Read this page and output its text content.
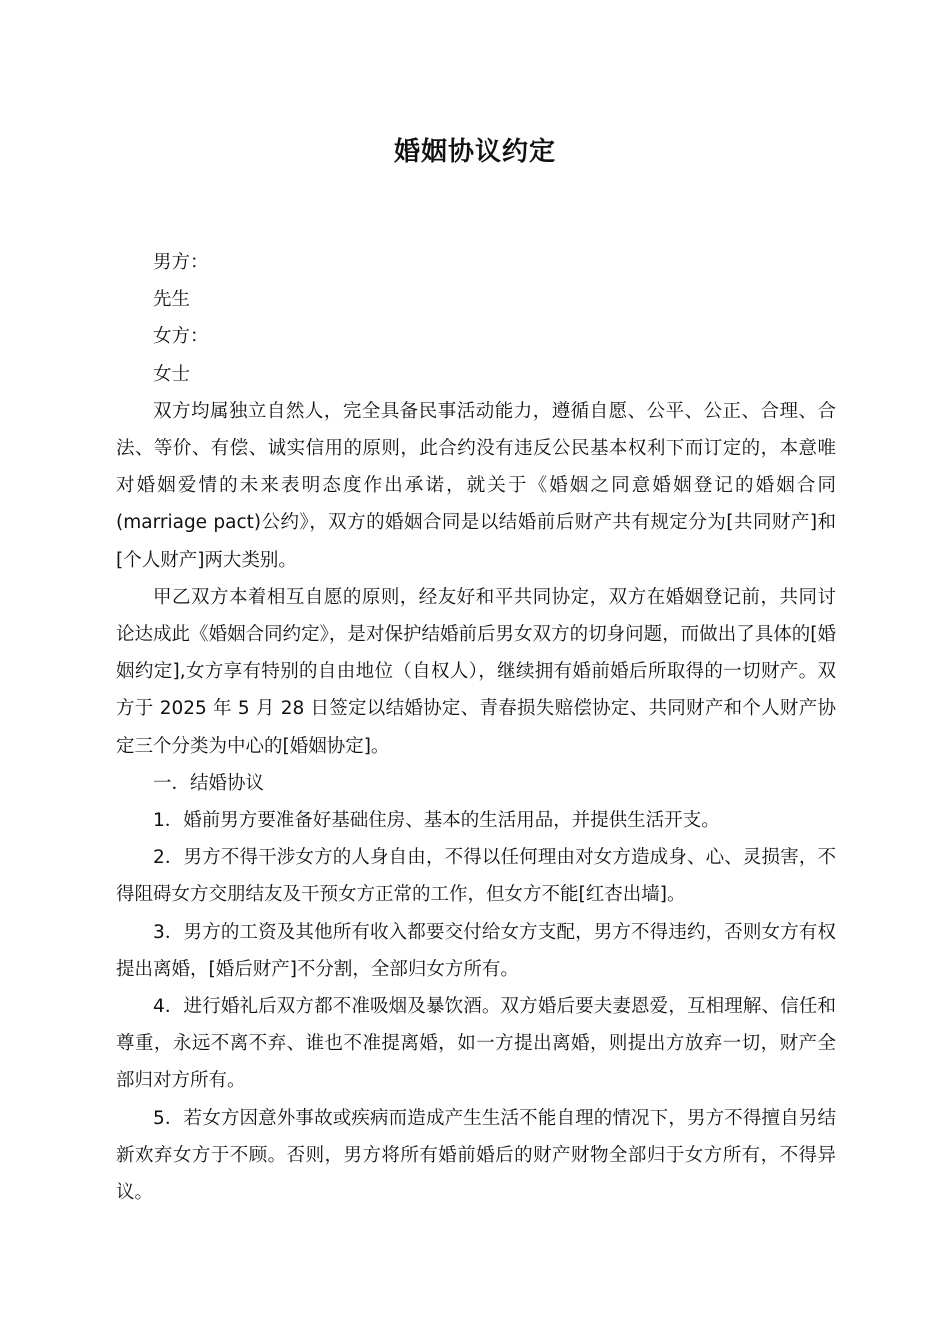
婚姻协议约定

男方：

先生

女方：

女士

双方均属独立自然人，完全具备民事活动能力，遵循自愿、公平、公正、合理、合法、等价、有偿、诚实信用的原则，此合约没有违反公民基本权利下而订定的，本意唯对婚姻爱情的未来表明态度作出承诺，就关于《婚姻之同意婚姻登记的婚姻合同(marriage pact)公约》，双方的婚姻合同是以结婚前后财产共有规定分为[共同财产]和[个人财产]两大类别。

甲乙双方本着相互自愿的原则，经友好和平共同协定，双方在婚姻登记前，共同讨论达成此《婚姻合同约定》，是对保护结婚前后男女双方的切身问题，而做出了具体的[婚姻约定],女方享有特别的自由地位（自权人），继续拥有婚前婚后所取得的一切财产。双方于 2025 年 5 月 28 日签定以结婚协定、青春损失赔偿协定、共同财产和个人财产协定三个分类为中心的[婚姻协定]。

一．结婚协议

1．婚前男方要准备好基础住房、基本的生活用品，并提供生活开支。

2．男方不得干涉女方的人身自由，不得以任何理由对女方造成身、心、灵损害，不得阻碍女方交朋结友及干预女方正常的工作，但女方不能[红杏出墙]。

3．男方的工资及其他所有收入都要交付给女方支配，男方不得违约，否则女方有权提出离婚，[婚后财产]不分割，全部归女方所有。

4．进行婚礼后双方都不准吸烟及暴饮酒。双方婚后要夫妻恩爱，互相理解、信任和尊重，永远不离不弃、谁也不准提离婚，如一方提出离婚，则提出方放弃一切，财产全部归对方所有。

5．若女方因意外事故或疾病而造成产生生活不能自理的情况下，男方不得擅自另结新欢弃女方于不顾。否则，男方将所有婚前婚后的财产财物全部归于女方所有，不得异议。
